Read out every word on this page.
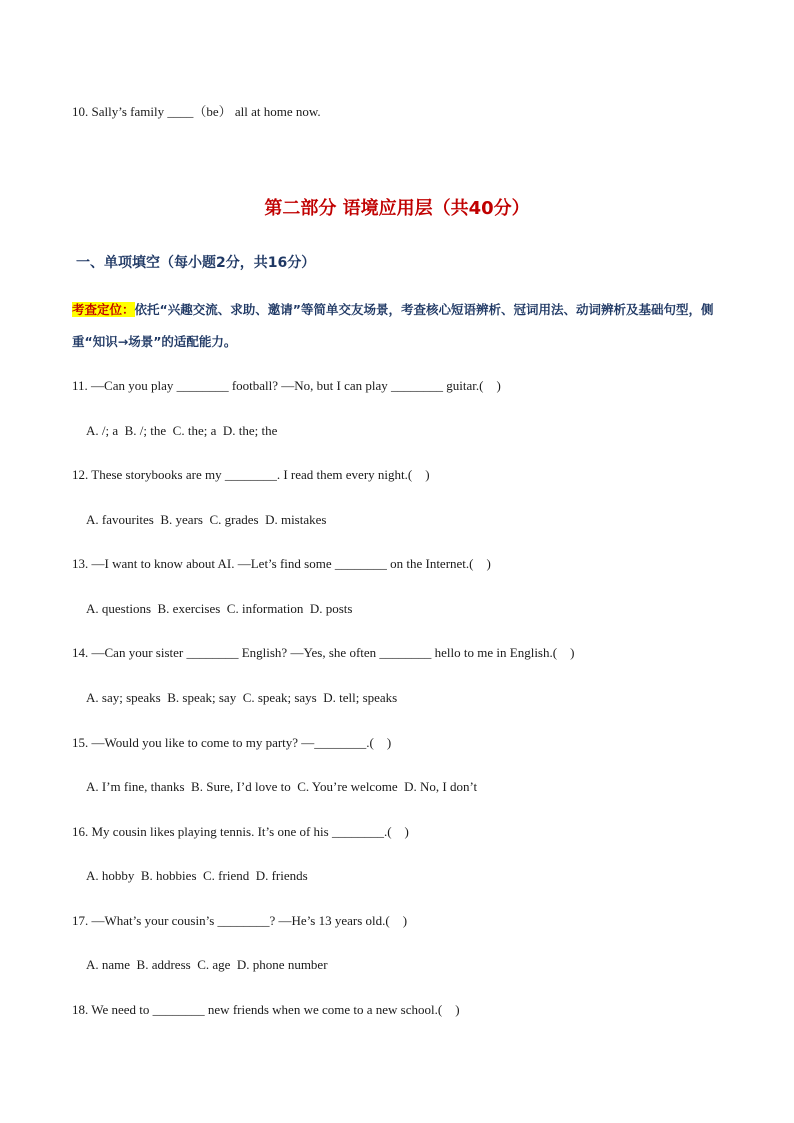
10. Sally’s family ____（be） all at home now.
第二部分 语境应用层（共40分）
一、单项填空（每小题2分，共16分）
考查定位：依托“兴趣交流、求助、邀请”等简单交友场景，考查核心短语辨析、冠词用法、动词辨析及基础句型，侧重“知识→场景”的适配能力。
11. —Can you play ________ football? —No, but I can play ________ guitar.(　)
A. /; a  B. /; the  C. the; a  D. the; the
12. These storybooks are my ________. I read them every night.(　)
A. favourites  B. years  C. grades  D. mistakes
13. —I want to know about AI. —Let’s find some ________ on the Internet.(　)
A. questions  B. exercises  C. information  D. posts
14. —Can your sister ________ English? —Yes, she often ________ hello to me in English.(　)
A. say; speaks  B. speak; say  C. speak; says  D. tell; speaks
15. —Would you like to come to my party? —________.(　)
A. I’m fine, thanks  B. Sure, I’d love to  C. You’re welcome  D. No, I don’t
16. My cousin likes playing tennis. It’s one of his ________.(　)
A. hobby  B. hobbies  C. friend  D. friends
17. —What’s your cousin’s ________? —He’s 13 years old.(　)
A. name  B. address  C. age  D. phone number
18. We need to ________ new friends when we come to a new school.(　)
